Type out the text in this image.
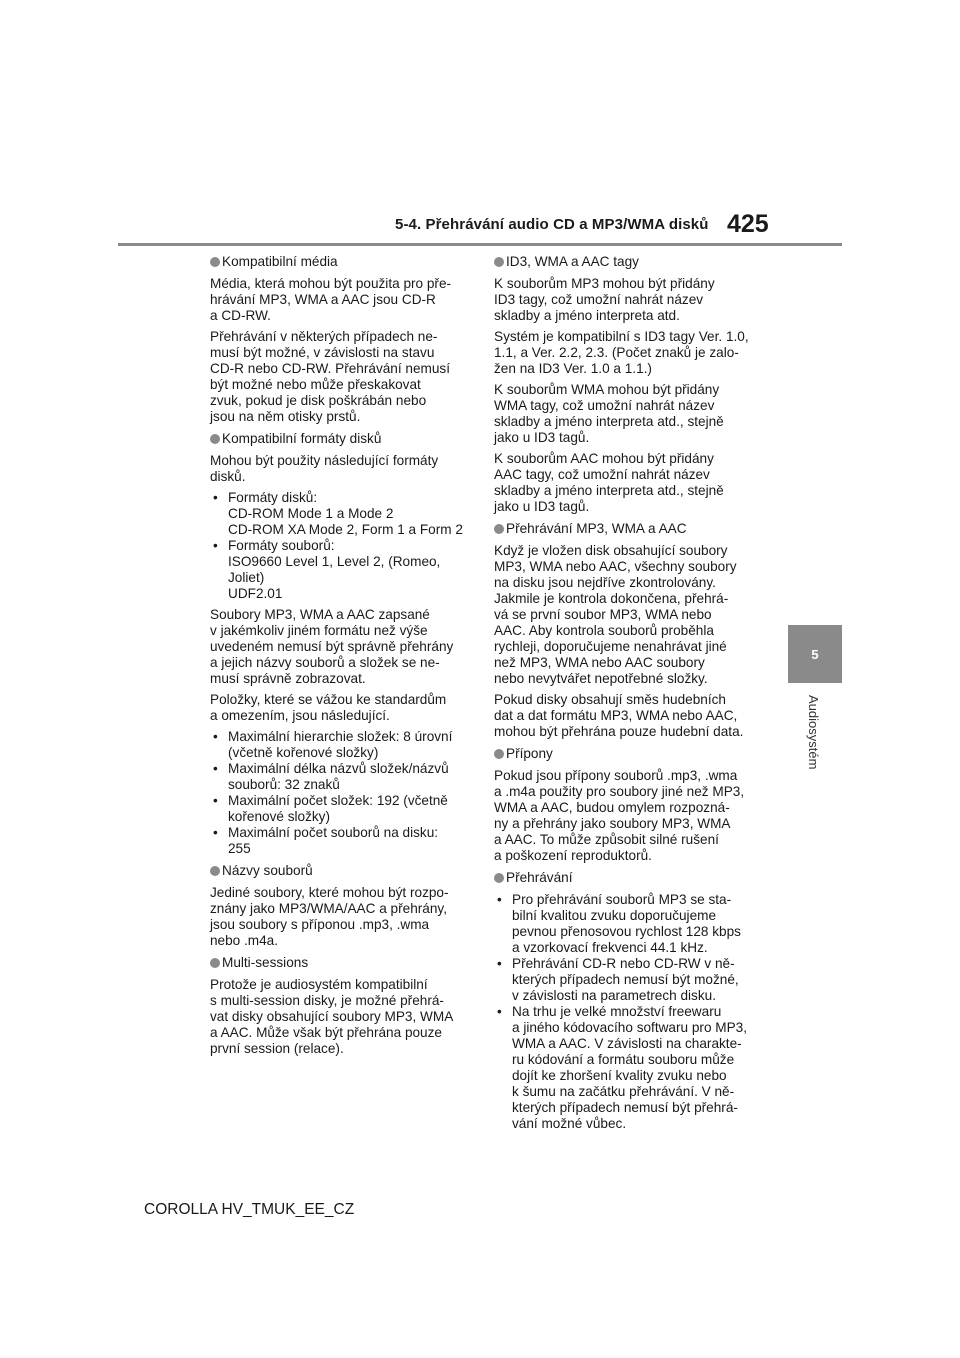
5-4. Přehrávání audio CD a MP3/WMA disků 425
5
Audiosystém
Kompatibilní média

Média, která mohou být použita pro pře-
hrávání MP3, WMA a AAC jsou CD-R
a CD-RW.

Přehrávání v některých případech ne-
musí být možné, v závislosti na stavu
CD-R nebo CD-RW. Přehrávání nemusí
být možné nebo může přeskakovat
zvuk, pokud je disk poškrábán nebo
jsou na něm otisky prstů.

Kompatibilní formáty disků

Mohou být použity následující formáty
disků.

• Formáty disků:
CD-ROM Mode 1 a Mode 2
CD-ROM XA Mode 2, Form 1 a Form 2
• Formáty souborů:
ISO9660 Level 1, Level 2, (Romeo,
Joliet)
UDF2.01

Soubory MP3, WMA a AAC zapsané
v jakémkoliv jiném formátu než výše
uvedeném nemusí být správně přehrány
a jejich názvy souborů a složek se ne-
musí správně zobrazovat.

Položky, které se vážou ke standardům
a omezením, jsou následující.

• Maximální hierarchie složek: 8 úrovní
(včetně kořenové složky)
• Maximální délka názvů složek/názvů
souborů: 32 znaků
• Maximální počet složek: 192 (včetně
kořenové složky)
• Maximální počet souborů na disku:
255
Názvy souborů

Jediné soubory, které mohou být rozpo-
znány jako MP3/WMA/AAC a přehrány,
jsou soubory s příponou .mp3, .wma
nebo .m4a.

Multi-sessions

Protože je audiosystém kompatibilní
s multi-session disky, je možné přehrá-
vat disky obsahující soubory MP3, WMA
a AAC. Může však být přehrána pouze
první session (relace).

ID3, WMA a AAC tagy

K souborům MP3 mohou být přidány
ID3 tagy, což umožní nahrát název
skladby a jméno interpreta atd.

Systém je kompatibilní s ID3 tagy Ver. 1.0,
1.1, a Ver. 2.2, 2.3. (Počet znaků je zalo-
žen na ID3 Ver. 1.0 a 1.1.)

K souborům WMA mohou být přidány
WMA tagy, což umožní nahrát název
skladby a jméno interpreta atd., stejně
jako u ID3 tagů.

K souborům AAC mohou být přidány
AAC tagy, což umožní nahrát název
skladby a jméno interpreta atd., stejně
jako u ID3 tagů.

Přehrávání MP3, WMA a AAC

Když je vložen disk obsahující soubory
MP3, WMA nebo AAC, všechny soubory
na disku jsou nejdříve zkontrolovány.
Jakmile je kontrola dokončena, přehrá-
vá se první soubor MP3, WMA nebo
AAC. Aby kontrola souborů proběhla
rychleji, doporučujeme nenahrávat jiné
než MP3, WMA nebo AAC soubory
nebo nevytvářet nepotřebné složky.

Pokud disky obsahují směs hudebních
dat a dat formátu MP3, WMA nebo AAC,
mohou být přehrána pouze hudební data.

Přípony

Pokud jsou přípony souborů .mp3, .wma
a .m4a použity pro soubory jiné než MP3,
WMA a AAC, budou omylem rozpozná-
ny a přehrány jako soubory MP3, WMA
a AAC. To může způsobit silné rušení
a poškození reproduktorů.

Přehrávání
• Pro přehrávání souborů MP3 se sta-
bilní kvalitou zvuku doporučujeme
pevnou přenosovou rychlost 128 kbps
a vzorkovací frekvenci 44.1 kHz.
• Přehrávání CD-R nebo CD-RW v ně-
kterých případech nemusí být možné,
v závislosti na parametrech disku.
• Na trhu je velké množství freewaru
a jiného kódovacího softwaru pro MP3,
WMA a AAC. V závislosti na charakte-
ru kódování a formátu souboru může
dojít ke zhoršení kvality zvuku nebo
k šumu na začátku přehrávání. V ně-
kterých případech nemusí být přehrá-
vání možné vůbec.
COROLLA HV_TMUK_EE_CZ
